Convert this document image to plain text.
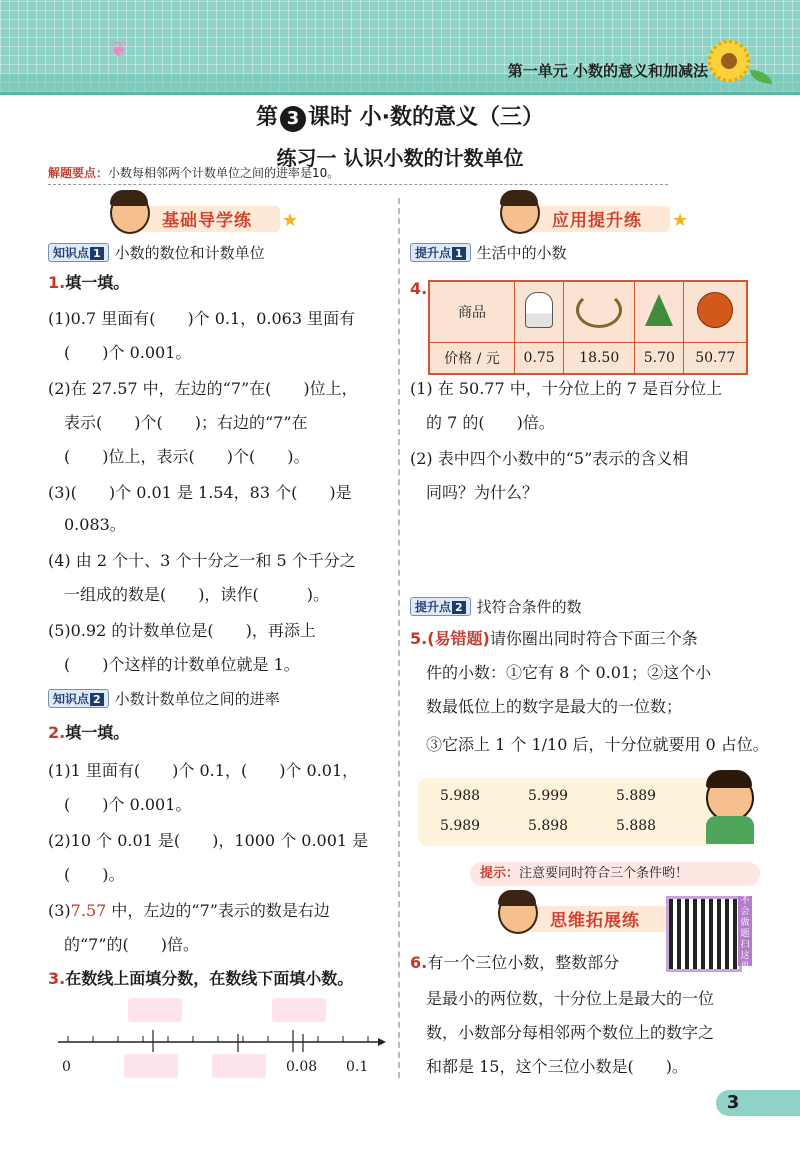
❦
第一单元 小数的意义和加减法
第 3 课时 小·数的意义（三）
练习一 认识小数的计数单位
解题要点：小数每相邻两个计数单位之间的进率是10。
基础导学练 ★
知识点 1 小数的数位和计数单位
1.填一填。
(1)0.7 里面有(　　)个 0.1，0.063 里面有
(　　)个 0.001。
(2)在 27.57 中，左边的“7”在(　　)位上，
表示(　　)个(　　)；右边的“7”在
(　　)位上，表示(　　)个(　　)。
(3)(　　)个 0.01 是 1.54，83 个(　　)是
0.083。
(4) 由 2 个十、3 个十分之一和 5 个千分之
一组成的数是(　　)，读作(　　　)。
(5)0.92 的计数单位是(　　)，再添上
(　　)个这样的计数单位就是 1。
知识点 2 小数计数单位之间的进率
2.填一填。
(1)1 里面有(　　)个 0.1，(　　)个 0.01，
(　　)个 0.001。
(2)10 个 0.01 是(　　)，1000 个 0.001 是
(　　)。
(3)7.57 中，左边的“7”表示的数是右边
的“7”的(　　)倍。
3.在数线上面填分数，在数线下面填小数。
0	0.08 0.1
应用提升练 ★
提升点 1 生活中的小数
4.
商品				
价格 / 元	0.75	18.50	5.70	50.77
(1) 在 50.77 中，十分位上的 7 是百分位上
的 7 的(　　)倍。
(2) 表中四个小数中的“5”表示的含义相
同吗？为什么？
提升点 2 找符合条件的数
5.(易错题)请你圈出同时符合下面三个条
件的小数：①它有 8 个 0.01；②这个小
数最低位上的数字是最大的一位数；
③它添上 1 个 1/10 后，十分位就要用 0 占位。
5.988	5.999	5.889
5.989	5.898	5.888
提示：注意要同时符合三个条件哟！
思维拓展练
不会做题扫这里
6.有一个三位小数，整数部分
是最小的两位数，十分位上是最大的一位
数，小数部分每相邻两个数位上的数字之
和都是 15，这个三位小数是(　　)。
3
